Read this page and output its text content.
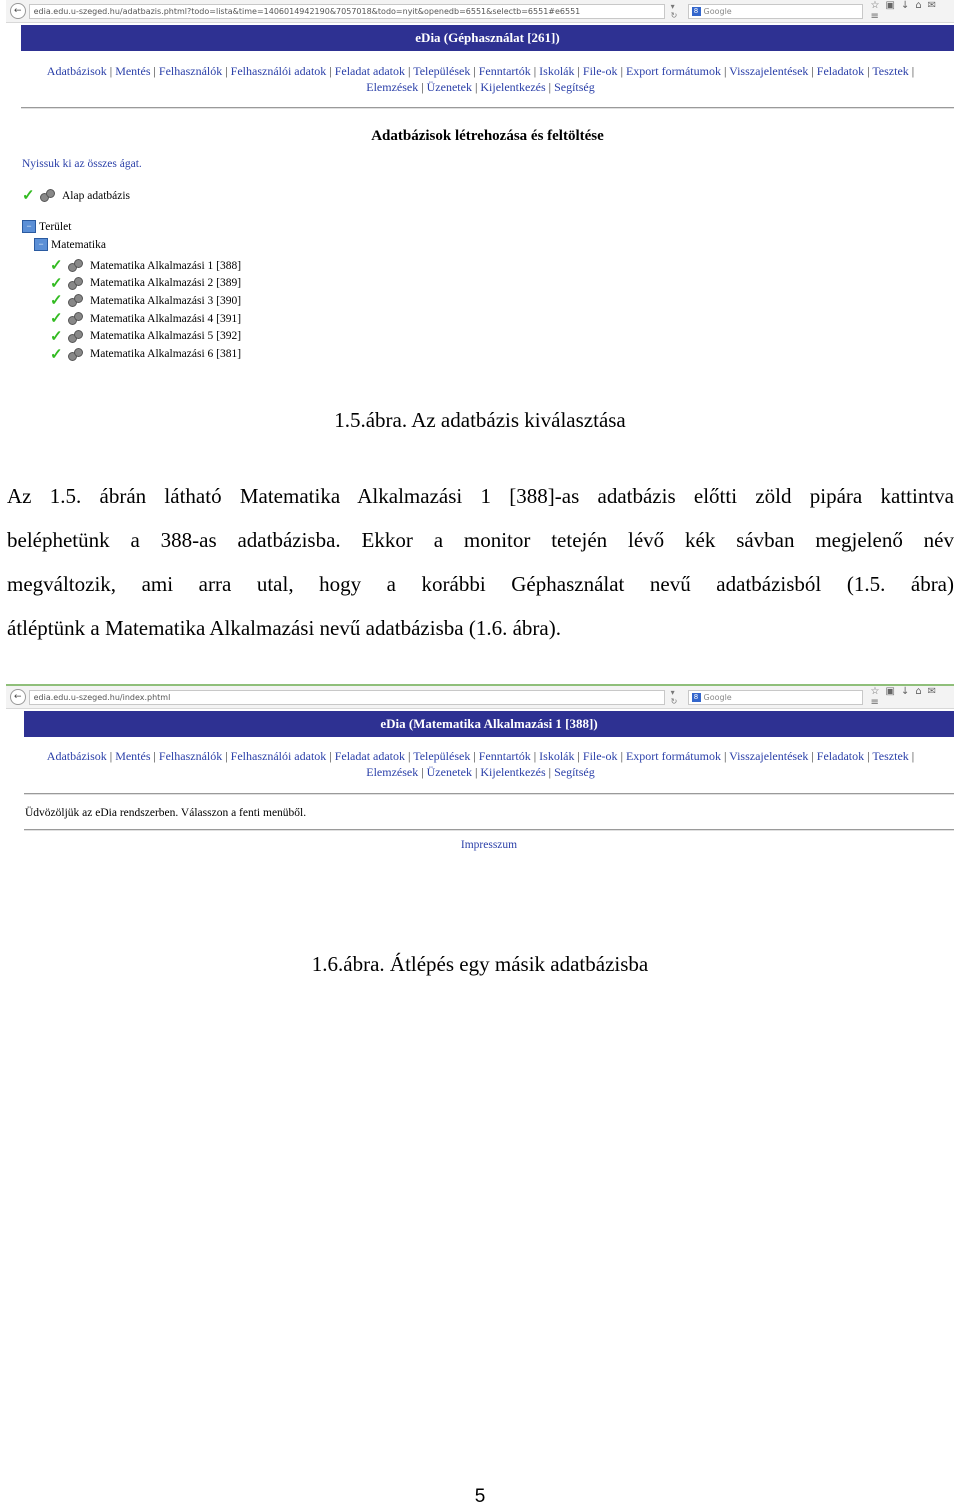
←	edia.edu.u-szeged.hu/adatbazis.phtml?todo=lista&time=1406014942190&7057018&todo=nyit&openedb=6551&selectb=6551#e6551	▾ ↻
8 Google	☆▣↓⌂✉≡
eDia (Géphasználat [261])
Adatbázisok | Mentés | Felhasználók | Felhasználói adatok | Feladat adatok | Települések | Fenntartók | Iskolák | File-ok | Export formátumok | Visszajelentések | Feladatok | Tesztek |
Elemzések | Üzenetek | Kijelentkezés | Segítség
Adatbázisok létrehozása és feltöltése
Nyissuk ki az összes ágat.
✓	Alap adatbázis
− Terület
− Matematika
✓	Matematika Alkalmazási 1 [388]
✓	Matematika Alkalmazási 2 [389]
✓	Matematika Alkalmazási 3 [390]
✓	Matematika Alkalmazási 4 [391]
✓	Matematika Alkalmazási 5 [392]
✓	Matematika Alkalmazási 6 [381]
1.5.ábra. Az adatbázis kiválasztása
Az 1.5. ábrán látható Matematika Alkalmazási 1 [388]-as adatbázis előtti zöld pipára kattintva
beléphetünk a 388-as adatbázisba. Ekkor a monitor tetején lévő kék sávban megjelenő név
megváltozik, ami arra utal, hogy a korábbi Géphasználat nevű adatbázisból (1.5. ábra)
átléptünk a Matematika Alkalmazási nevű adatbázisba (1.6. ábra).
←	edia.edu.u-szeged.hu/index.phtml	▾ ↻
8 Google	☆▣↓⌂✉≡
eDia (Matematika Alkalmazási 1 [388])
Adatbázisok | Mentés | Felhasználók | Felhasználói adatok | Feladat adatok | Települések | Fenntartók | Iskolák | File-ok | Export formátumok | Visszajelentések | Feladatok | Tesztek |
Elemzések | Üzenetek | Kijelentkezés | Segítség
Üdvözöljük az eDia rendszerben. Válasszon a fenti menüből.
Impresszum
1.6.ábra. Átlépés egy másik adatbázisba
5
